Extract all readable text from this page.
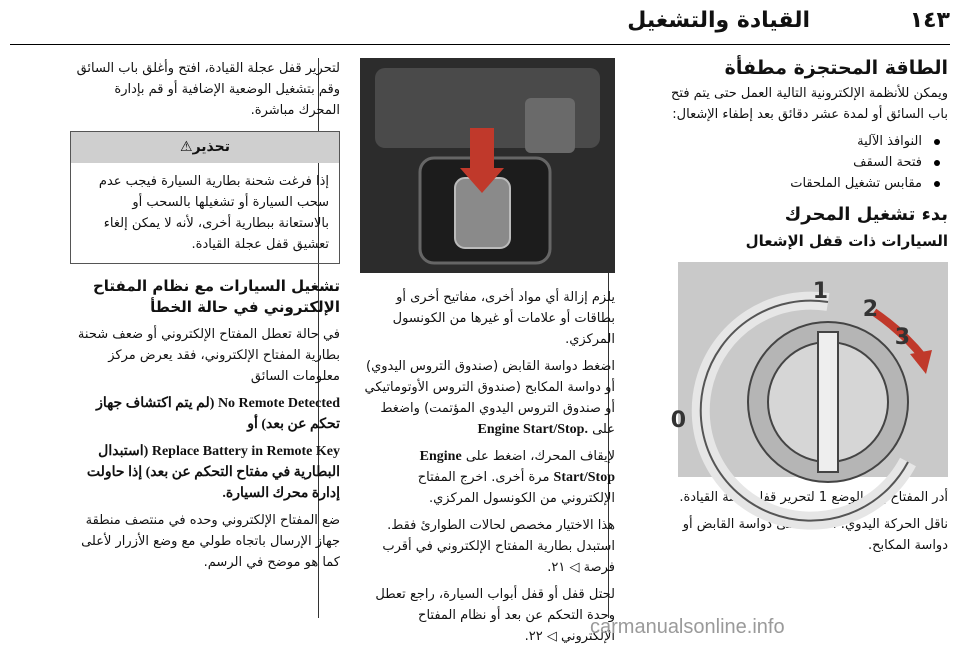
١٤٣
القيادة والتشغيل
الطاقة المحتجزة مطفأة

ويمكن للأنظمة الإلكترونية التالية العمل حتى يتم فتح باب السائق أو لمدة عشر دقائق بعد إطفاء الإشعال:

النوافذ الآلية
فتحة السقف
مقابس تشغيل الملحقات
بدء تشغيل المحرك
السيارات ذات قفل الإشعال
1
2
3
0

أدر المفتاح إلى الوضع 1 لتحرير قفل عجلة القيادة.

ناقل الحركة اليدوي: اضغط على دواسة القابض أو دواسة المكابح.

يلزم إزالة أي مواد أخرى، مفاتيح أخرى أو بطاقات أو علامات أو غيرها من الكونسول المركزي.

اضغط دواسة القابض (صندوق التروس اليدوي) أو دواسة المكابح (صندوق التروس الأوتوماتيكي أو صندوق التروس اليدوي المؤتمت) واضغط على Engine Start/Stop.

لإيقاف المحرك، اضغط على Engine Start/Stop مرة أخرى. اخرج المفتاح الإلكتروني من الكونسول المركزي.

هذا الاختيار مخصص لحالات الطوارئ فقط. استبدل بطارية المفتاح الإلكتروني في أقرب فرصة ◁ ٢١.

لحتل قفل أو قفل أبواب السيارة، راجع تعطل وحدة التحكم عن بعد أو نظام المفتاح الإلكتروني ◁ ٢٢.

لتحرير قفل عجلة القيادة، افتح وأغلق باب السائق وقم بتشغيل الوضعية الإضافية أو قم بإدارة المحرك مباشرة.

تحذير⚠
إذا فرغت شحنة بطارية السيارة فيجب عدم سحب السيارة أو تشغيلها بالسحب أو بالاستعانة ببطارية أخرى، لأنه لا يمكن إلغاء تعشيق قفل عجلة القيادة.
تشغيل السيارات مع نظام المفتاح الإلكتروني في حالة الخطأ

في حالة تعطل المفتاح الإلكتروني أو ضعف شحنة بطارية المفتاح الإلكتروني، فقد يعرض مركز معلومات السائق

No Remote Detected (لم يتم اكتشاف جهاز تحكم عن بعد) أو

Replace Battery in Remote Key (استبدال البطارية في مفتاح التحكم عن بعد) إذا حاولت إدارة محرك السيارة.

ضع المفتاح الإلكتروني وحده في منتصف منطقة جهاز الإرسال باتجاه طولي مع وضع الأزرار لأعلى كما هو موضح في الرسم.

carmanualsonline.info
